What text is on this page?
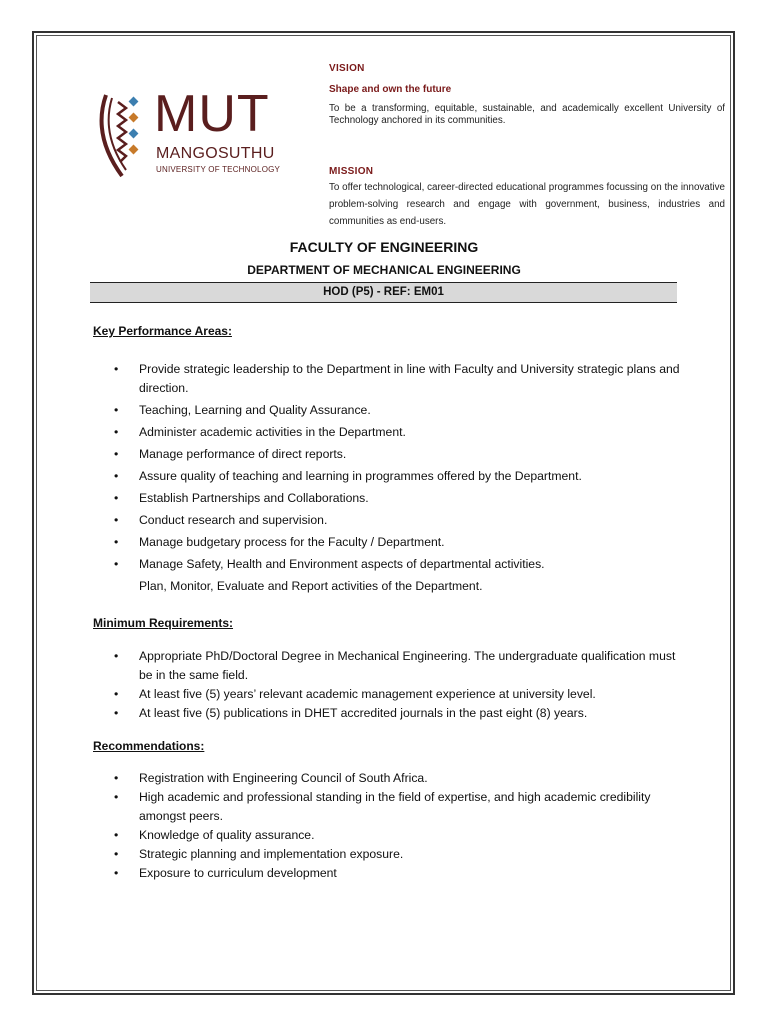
MUT
MANGOSUTHU
UNIVERSITY OF TECHNOLOGY
VISION
Shape and own the future
To be a transforming, equitable, sustainable, and academically excellent University of Technology anchored in its communities.
MISSION
To offer technological, career-directed educational programmes focussing on the innovative problem-solving research and engage with government, business, industries and communities as end-users.
FACULTY OF ENGINEERING
DEPARTMENT OF MECHANICAL ENGINEERING
HOD (P5) - REF: EM01
Key Performance Areas:
• Provide strategic leadership to the Department in line with Faculty and University strategic plans and direction.
• Teaching, Learning and Quality Assurance.
• Administer academic activities in the Department.
• Manage performance of direct reports.
• Assure quality of teaching and learning in programmes offered by the Department.
• Establish Partnerships and Collaborations.
• Conduct research and supervision.
• Manage budgetary process for the Faculty / Department.
• Manage Safety, Health and Environment aspects of departmental activities.
Plan, Monitor, Evaluate and Report activities of the Department.
Minimum Requirements:
• Appropriate PhD/Doctoral Degree in Mechanical Engineering. The undergraduate qualification must be in the same field.
• At least five (5) years’ relevant academic management experience at university level.
• At least five (5) publications in DHET accredited journals in the past eight (8) years.
Recommendations:
• Registration with Engineering Council of South Africa.
• High academic and professional standing in the field of expertise, and high academic credibility amongst peers.
• Knowledge of quality assurance.
• Strategic planning and implementation exposure.
• Exposure to curriculum development
